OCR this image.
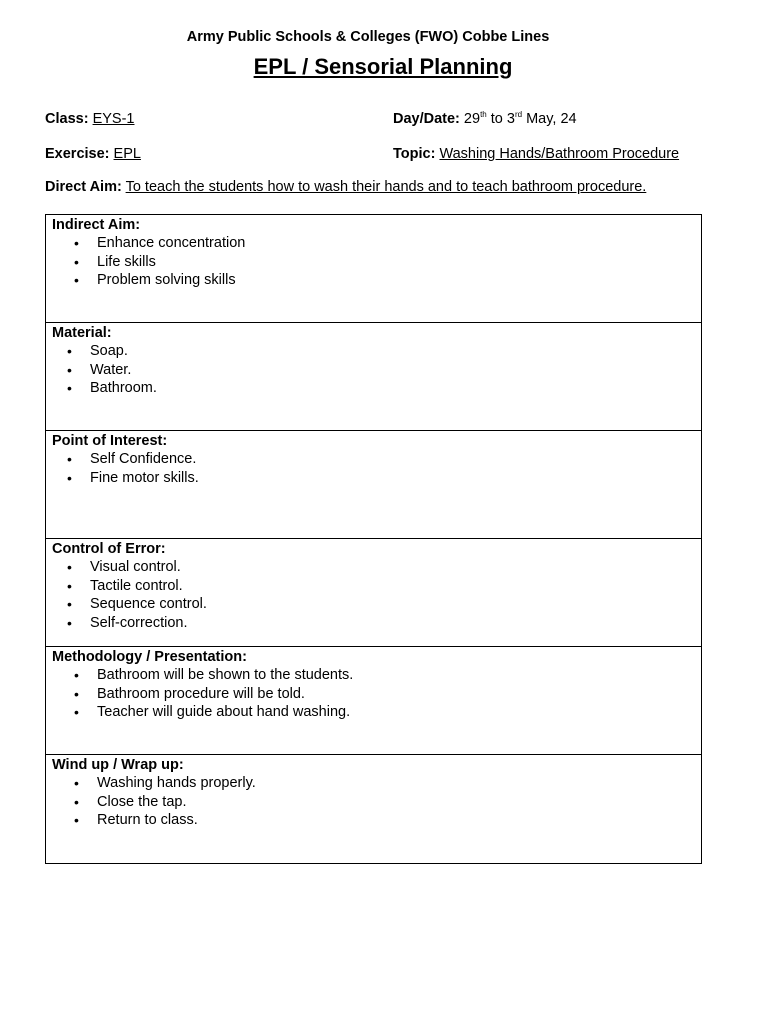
Army Public Schools & Colleges (FWO) Cobbe Lines
EPL / Sensorial Planning
Class: EYS-1	Day/Date: 29th to 3rd May, 24
Exercise: EPL	Topic: Washing Hands/Bathroom Procedure
Direct Aim: To teach the students how to wash their hands and to teach bathroom procedure.
Indirect Aim:
• Enhance concentration
• Life skills
• Problem solving skills
Material:
• Soap.
• Water.
• Bathroom.
Point of Interest:
• Self Confidence.
• Fine motor skills.
Control of Error:
• Visual control.
• Tactile control.
• Sequence control.
• Self-correction.
Methodology / Presentation:
• Bathroom will be shown to the students.
• Bathroom procedure will be told.
• Teacher will guide about hand washing.
Wind up / Wrap up:
• Washing hands properly.
• Close the tap.
• Return to class.
